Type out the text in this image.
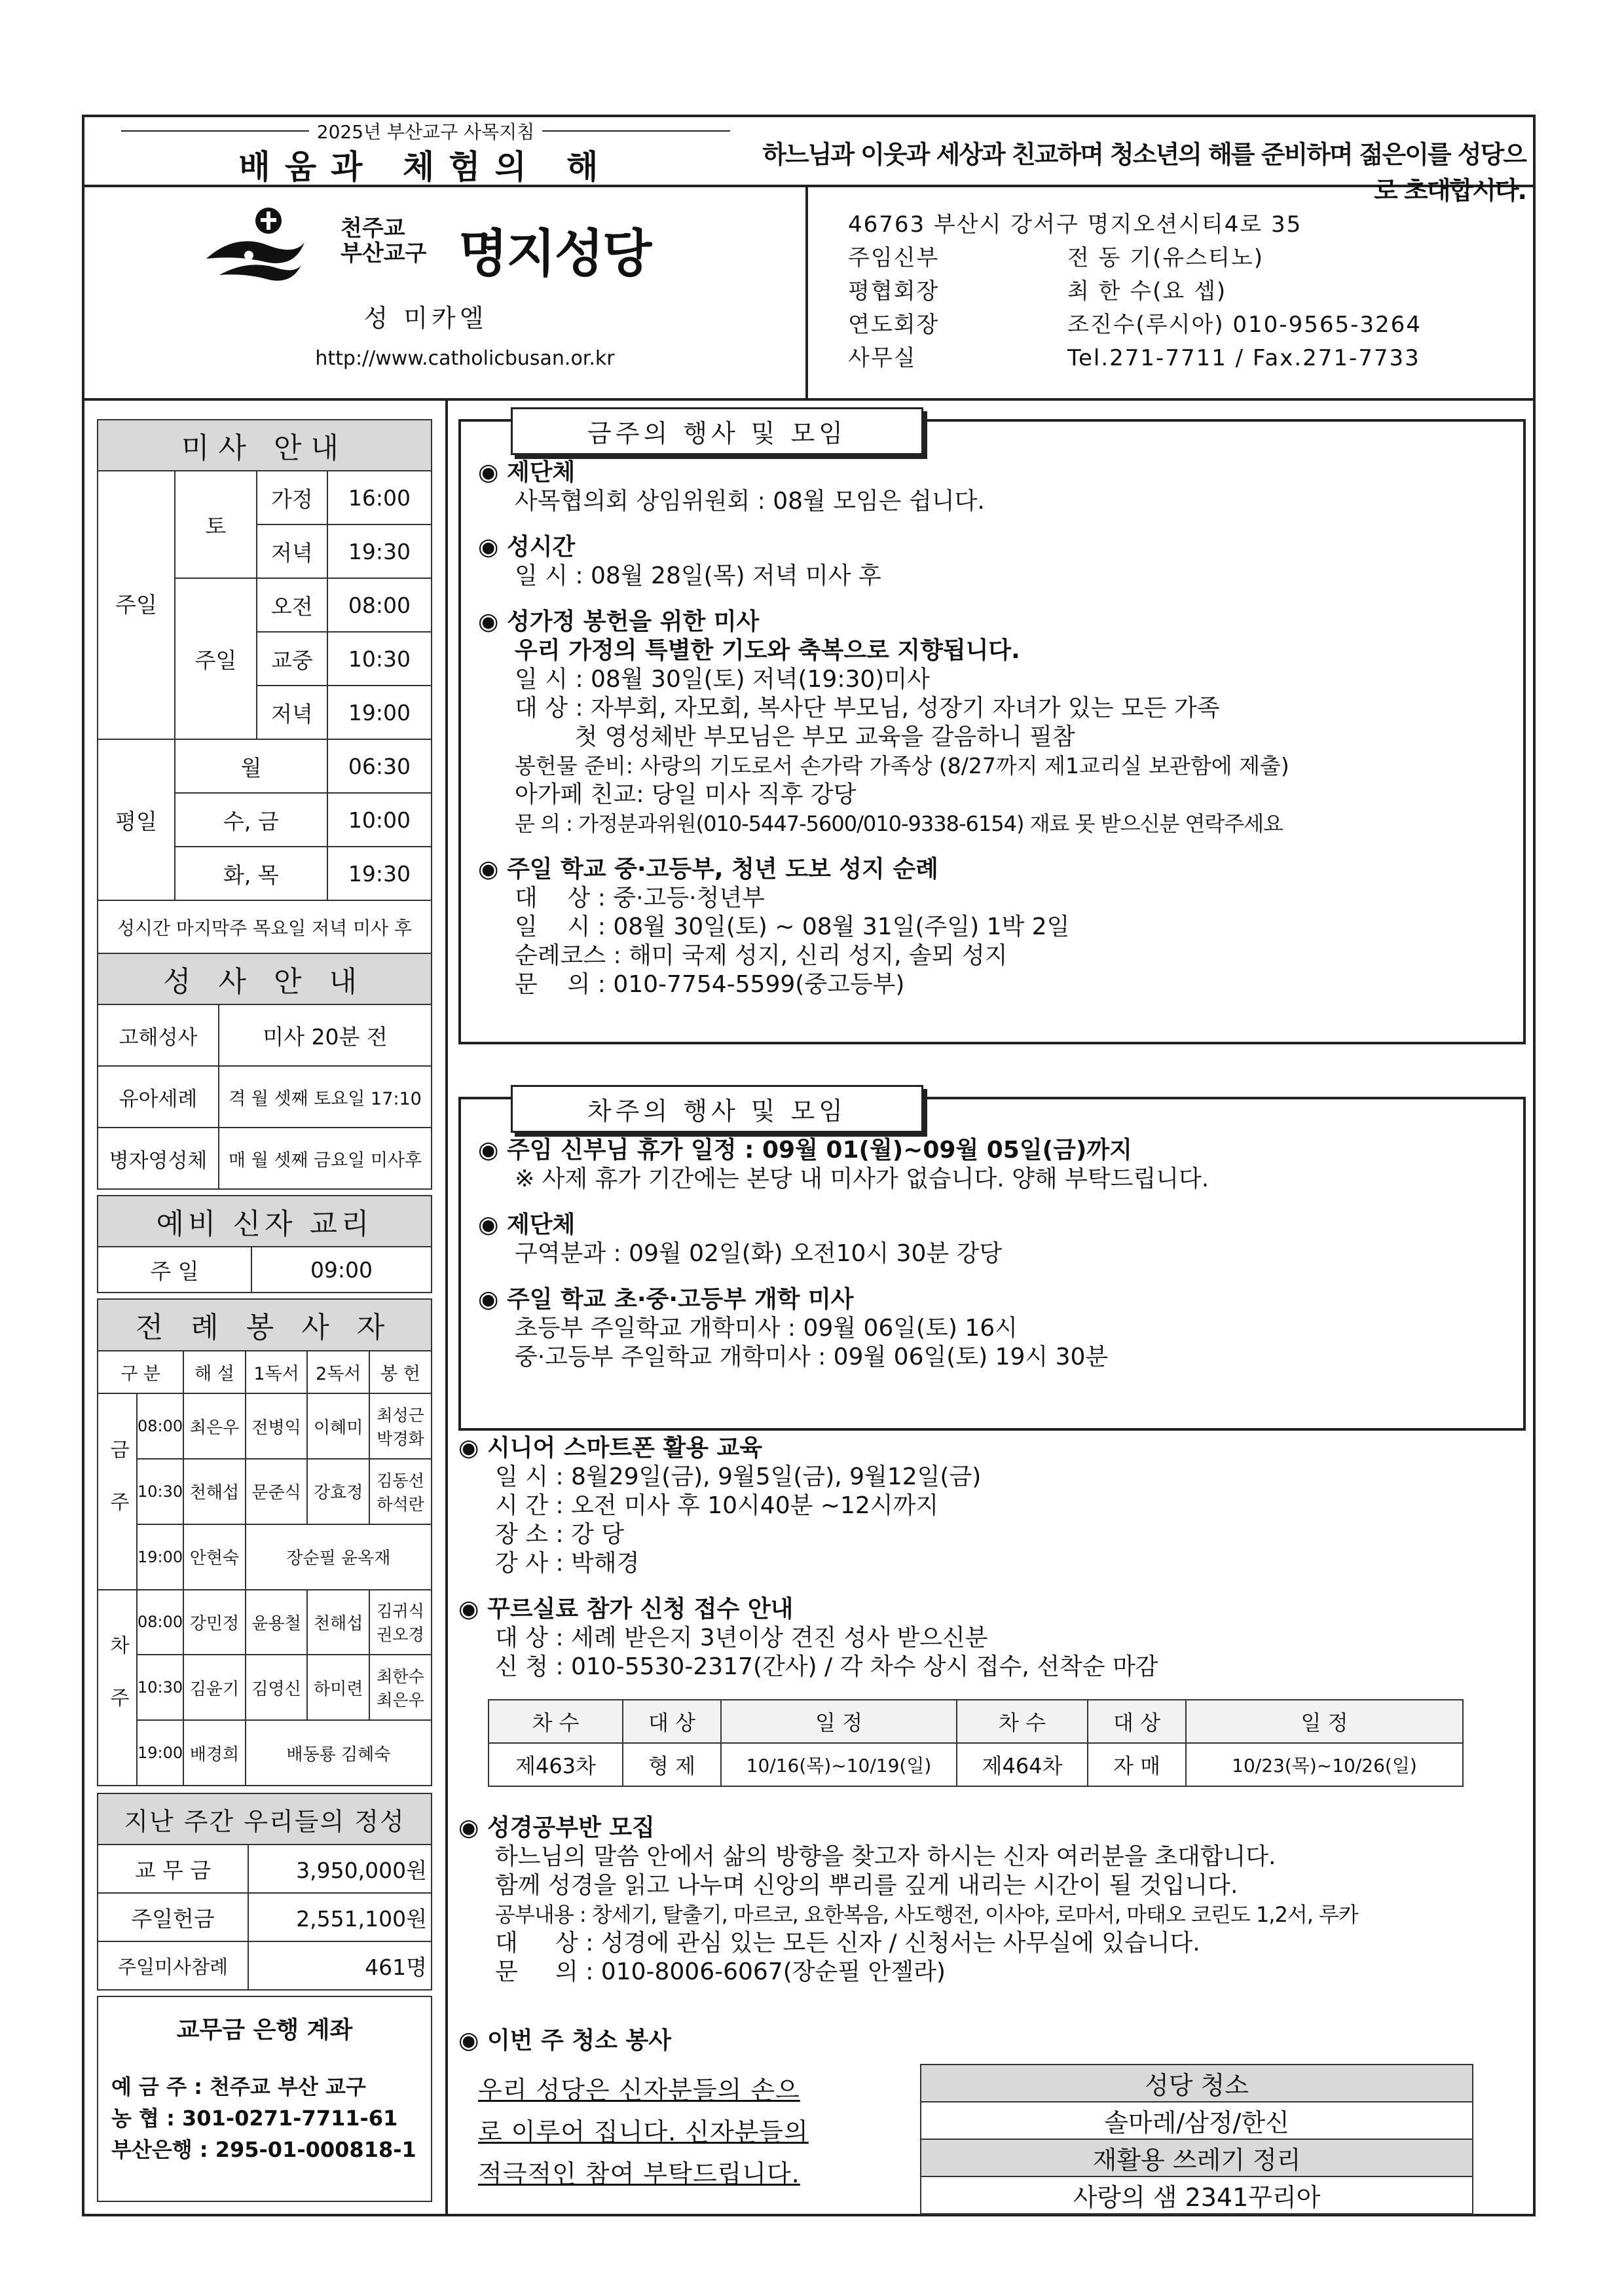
2025년 부산교구 사목지침
배움과 체험의 해	하느님과 이웃과 세상과 친교하며 청소년의 해를 준비하며 젊은이를 성당으로 초대합시다.
천주교
부산교구 명지성당
성 미카엘
http://www.catholicbusan.or.kr
46763 부산시 강서구 명지오션시티4로 35
주임신부	전 동 기(유스티노)
평협회장	최 한 수(요 셉)
연도회장	조진수(루시아) 010-9565-3264
사무실	Tel.271-7711 / Fax.271-7733
미사 안내			
주일	토	가정	16:00
		저녁	19:30
	주일	오전	08:00
		교중	10:30
		저녁	19:00
평일	월		06:30
	수, 금		10:00
	화, 목		19:30
성시간 마지막주 목요일 저녁 미사 후			
성 사 안 내	
고해성사	미사 20분 전
유아세례	격 월 셋째 토요일 17:10
병자영성체	매 월 셋째 금요일 미사후
예비 신자 교리
주 일	09:00
전 례 봉 사 자					
구 분		해 설	1독서	2독서	봉 헌
금주	08:00	최은우	전병익	이혜미	최성근 박경화
	10:30	천해섭	문준식	강효정	김동선 하석란
	19:00	안현숙	장순필 윤옥재		
차주	08:00	강민정	윤용철	천해섭	김귀식 권오경
	10:30	김윤기	김영신	하미련	최한수 최은우
	19:00	배경희	배동룡 김혜숙		
지난 주간 우리들의 정성	
교 무 금	3,950,000원
주일헌금	2,551,100원
주일미사참례	461명
교무금 은행 계좌
예 금 주 : 천주교 부산 교구
농 협 : 301-0271-7711-61
부산은행 : 295-01-000818-1
금주의 행사 및 모임
◉ 제단체
사목협의회 상임위원회 : 08월 모임은 쉽니다.
◉ 성시간
일 시 : 08월 28일(목) 저녁 미사 후
◉ 성가정 봉헌을 위한 미사
우리 가정의 특별한 기도와 축복으로 지향됩니다.
일 시 : 08월 30일(토) 저녁(19:30)미사
대 상 : 자부회, 자모회, 복사단 부모님, 성장기 자녀가 있는 모든 가족
첫 영성체반 부모님은 부모 교육을 갈음하니 필참
봉헌물 준비: 사랑의 기도로서 손가락 가족상 (8/27까지 제1교리실 보관함에 제출)
아가페 친교: 당일 미사 직후 강당
문 의 : 가정분과위원(010-5447-5600/010-9338-6154) 재료 못 받으신분 연락주세요
◉ 주일 학교 중·고등부, 청년 도보 성지 순례
대    상 : 중·고등·청년부
일    시 : 08월 30일(토) ~ 08월 31일(주일) 1박 2일
순례코스 : 해미 국제 성지, 신리 성지, 솔뫼 성지
문    의 : 010-7754-5599(중고등부)
차주의 행사 및 모임
◉ 주임 신부님 휴가 일정 : 09월 01(월)~09월 05일(금)까지
※ 사제 휴가 기간에는 본당 내 미사가 없습니다. 양해 부탁드립니다.
◉ 제단체
구역분과 : 09월 02일(화) 오전10시 30분 강당
◉ 주일 학교 초·중·고등부 개학 미사
초등부 주일학교 개학미사 : 09월 06일(토) 16시
중·고등부 주일학교 개학미사 : 09월 06일(토) 19시 30분
◉ 시니어 스마트폰 활용 교육
일 시 : 8월29일(금), 9월5일(금), 9월12일(금)
시 간 : 오전 미사 후 10시40분 ~12시까지
장 소 : 강 당
강 사 : 박해경
◉ 꾸르실료 참가 신청 접수 안내
대 상 : 세례 받은지 3년이상 견진 성사 받으신분
신 청 : 010-5530-2317(간사) / 각 차수 상시 접수, 선착순 마감
차 수	대 상	일 정	차 수	대 상	일 정
제463차	형 제	10/16(목)~10/19(일)	제464차	자 매	10/23(목)~10/26(일)
◉ 성경공부반 모집
하느님의 말씀 안에서 삶의 방향을 찾고자 하시는 신자 여러분을 초대합니다.
함께 성경을 읽고 나누며 신앙의 뿌리를 깊게 내리는 시간이 될 것입니다.
공부내용 : 창세기, 탈출기, 마르코, 요한복음, 사도행전, 이사야, 로마서, 마태오 코린도 1,2서, 루카
대     상 : 성경에 관심 있는 모든 신자 / 신청서는 사무실에 있습니다.
문     의 : 010-8006-6067(장순필 안젤라)
◉ 이번 주 청소 봉사
우리 성당은 신자분들의 손으
로 이루어 집니다. 신자분들의
적극적인 참여 부탁드립니다.
성당 청소
솔마레/삼정/한신
재활용 쓰레기 정리
사랑의 샘 2341꾸리아
